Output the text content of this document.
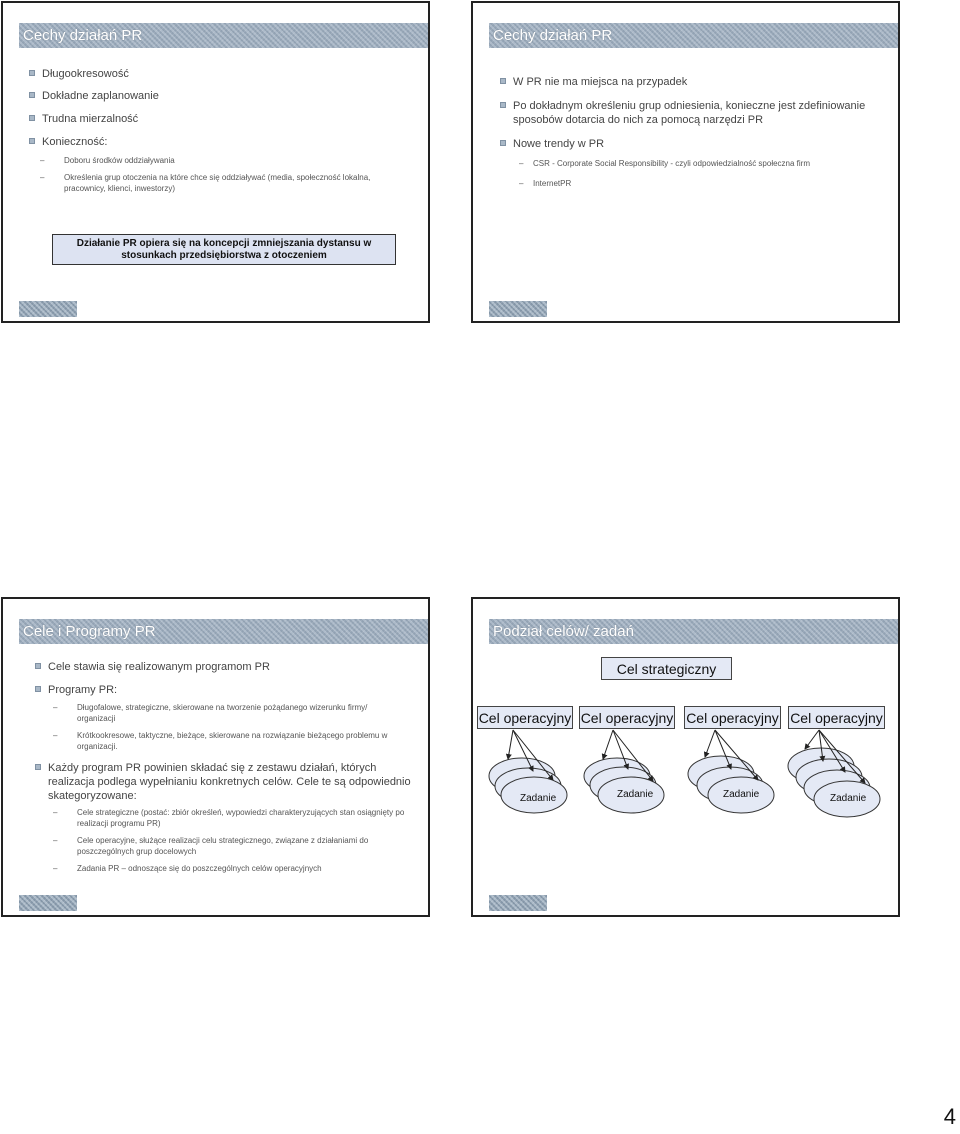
Cechy działań PR
Długookresowość
Dokładne zaplanowanie
Trudna mierzalność
Konieczność:
–	Doboru środków oddziaływania
–	Określenia grup otoczenia na które chce się oddziaływać (media, społeczność lokalna, pracownicy, klienci, inwestorzy)
Działanie PR opiera się na koncepcji zmniejszania dystansu w stosunkach przedsiębiorstwa z otoczeniem
Cechy działań PR
W PR nie ma miejsca na przypadek
Po dokładnym określeniu grup odniesienia, konieczne jest zdefiniowanie sposobów dotarcia do nich za pomocą narzędzi PR
Nowe trendy w PR
–	CSR - Corporate Social Responsibility - czyli odpowiedzialność społeczna firm
–	InternetPR
Cele i Programy PR
Cele stawia się realizowanym programom PR
Programy PR:
–	Długofalowe, strategiczne, skierowane na tworzenie pożądanego wizerunku firmy/ organizacji
–	Krótkookresowe, taktyczne, bieżące, skierowane na rozwiązanie bieżącego problemu w organizacji.
Każdy program PR powinien składać się z zestawu działań, których realizacja podlega wypełnianiu konkretnych celów. Cele te są odpowiednio skategoryzowane:
–	Cele strategiczne (postać: zbiór określeń, wypowiedzi charakteryzujących stan osiągnięty po realizacji programu PR)
–	Cele operacyjne, służące realizacji celu strategicznego, związane z działaniami do poszczególnych grup docelowych
–	Zadania PR – odnoszące się do poszczególnych celów operacyjnych
Podział celów/ zadań
Cel strategiczny
Cel operacyjny Cel operacyjny Cel operacyjny Cel operacyjny
Zadanie	Zadanie	Zadanie	Zadanie
4
